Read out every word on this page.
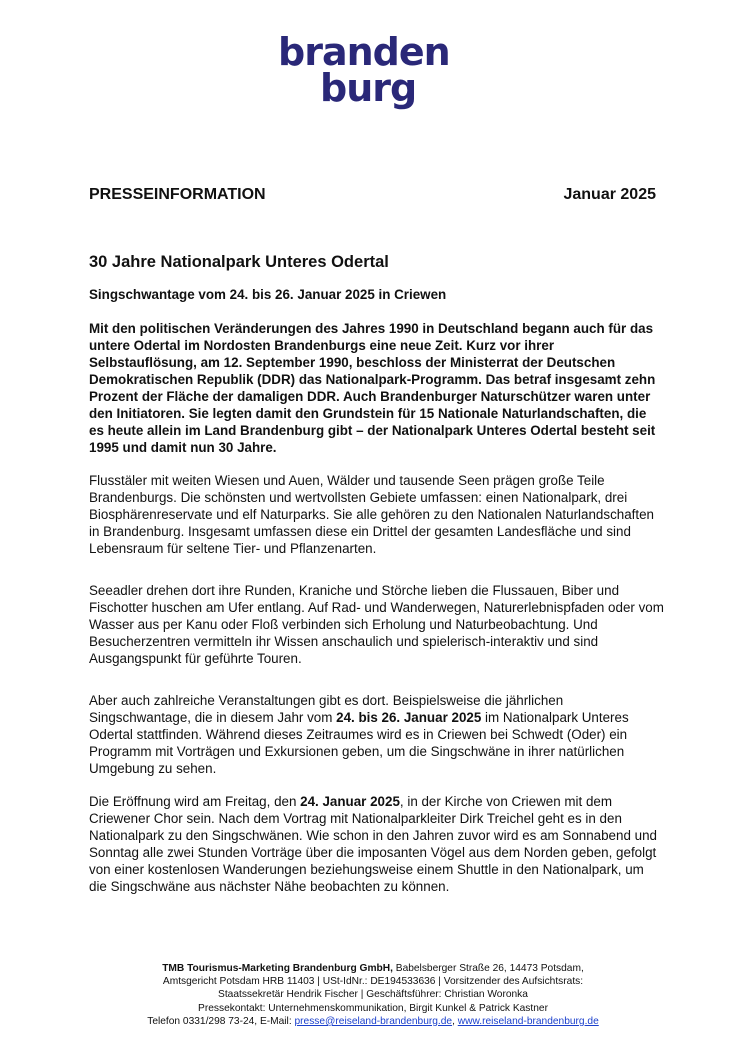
branden
burg
PRESSEINFORMATION	Januar 2025
30 Jahre Nationalpark Unteres Odertal
Singschwantage vom 24. bis 26. Januar 2025 in Criewen

Mit den politischen Veränderungen des Jahres 1990 in Deutschland begann auch für das untere Odertal im Nordosten Brandenburgs eine neue Zeit. Kurz vor ihrer Selbstauflösung, am 12. September 1990, beschloss der Ministerrat der Deutschen Demokratischen Republik (DDR) das Nationalpark-Programm. Das betraf insgesamt zehn Prozent der Fläche der damaligen DDR. Auch Brandenburger Naturschützer waren unter den Initiatoren. Sie legten damit den Grundstein für 15 Nationale Naturlandschaften, die es heute allein im Land Brandenburg gibt – der Nationalpark Unteres Odertal besteht seit 1995 und damit nun 30 Jahre.

Flusstäler mit weiten Wiesen und Auen, Wälder und tausende Seen prägen große Teile Brandenburgs. Die schönsten und wertvollsten Gebiete umfassen: einen Nationalpark, drei Biosphärenreservate und elf Naturparks. Sie alle gehören zu den Nationalen Naturlandschaften in Brandenburg. Insgesamt umfassen diese ein Drittel der gesamten Landesfläche und sind Lebensraum für seltene Tier- und Pflanzenarten.

Seeadler drehen dort ihre Runden, Kraniche und Störche lieben die Flussauen, Biber und Fischotter huschen am Ufer entlang. Auf Rad- und Wanderwegen, Naturerlebnispfaden oder vom Wasser aus per Kanu oder Floß verbinden sich Erholung und Naturbeobachtung. Und Besucherzentren vermitteln ihr Wissen anschaulich und spielerisch-interaktiv und sind Ausgangspunkt für geführte Touren.

Aber auch zahlreiche Veranstaltungen gibt es dort. Beispielsweise die jährlichen Singschwantage, die in diesem Jahr vom 24. bis 26. Januar 2025 im Nationalpark Unteres Odertal stattfinden. Während dieses Zeitraumes wird es in Criewen bei Schwedt (Oder) ein Programm mit Vorträgen und Exkursionen geben, um die Singschwäne in ihrer natürlichen Umgebung zu sehen.

Die Eröffnung wird am Freitag, den 24. Januar 2025, in der Kirche von Criewen mit dem Criewener Chor sein. Nach dem Vortrag mit Nationalparkleiter Dirk Treichel geht es in den Nationalpark zu den Singschwänen. Wie schon in den Jahren zuvor wird es am Sonnabend und Sonntag alle zwei Stunden Vorträge über die imposanten Vögel aus dem Norden geben, gefolgt von einer kostenlosen Wanderungen beziehungsweise einem Shuttle in den Nationalpark, um die Singschwäne aus nächster Nähe beobachten zu können.

TMB Tourismus-Marketing Brandenburg GmbH, Babelsberger Straße 26, 14473 Potsdam,
Amtsgericht Potsdam HRB 11403 | USt-IdNr.: DE194533636 | Vorsitzender des Aufsichtsrats:
Staatssekretär Hendrik Fischer | Geschäftsführer: Christian Woronka
Pressekontakt: Unternehmenskommunikation, Birgit Kunkel & Patrick Kastner
Telefon 0331/298 73-24, E-Mail: presse@reiseland-brandenburg.de, www.reiseland-brandenburg.de
